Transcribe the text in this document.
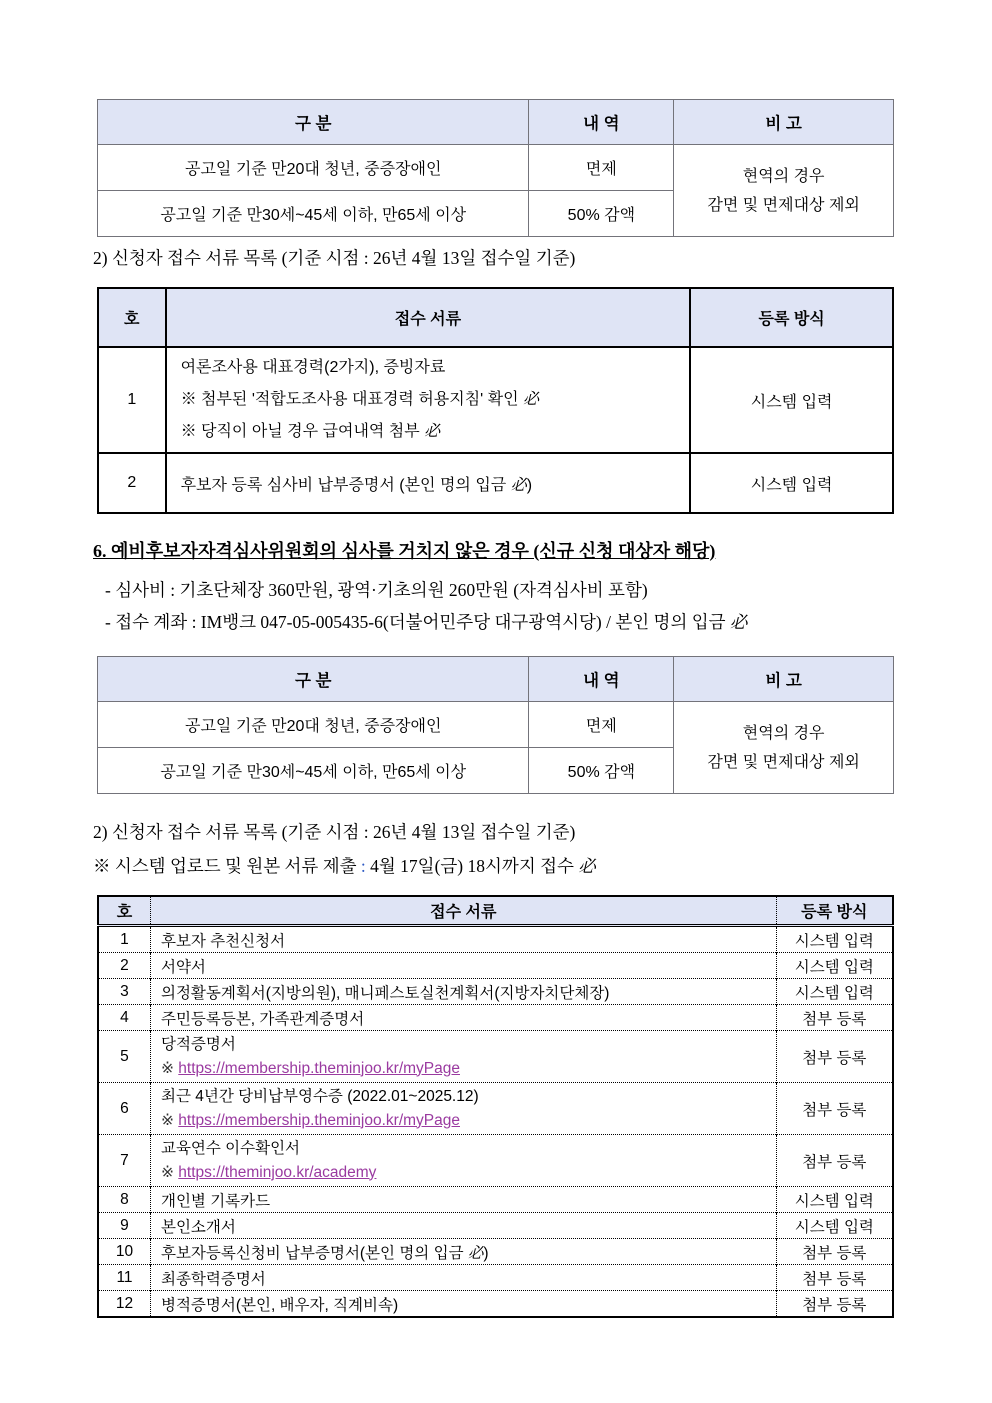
구 분	내 역	비 고
공고일 기준 만20대 청년, 중증장애인	면제	현역의 경우
감면 및 면제대상 제외

공고일 기준 만30세~45세 이하, 만65세 이상	50% 감액	
2) 신청자 접수 서류 목록 (기준 시점 : 26년 4월 13일 접수일 기준)
호	접수 서류	등록 방식
1	여론조사용 대표경력(2가지), 증빙자료
※ 첨부된 '적합도조사용 대표경력 허용지침' 확인 必
※ 당직이 아닐 경우 급여내역 첨부 必	시스템 입력
2	후보자 등록 심사비 납부증명서 (본인 명의 입금 必)	시스템 입력
6. 예비후보자자격심사위원회의 심사를 거치지 않은 경우 (신규 신청 대상자 해당)
- 심사비 : 기초단체장 360만원, 광역·기초의원 260만원 (자격심사비 포함)
- 접수 계좌 : IM뱅크 047-05-005435-6(더불어민주당 대구광역시당) / 본인 명의 입금 必
구 분	내 역	비 고
공고일 기준 만20대 청년, 중증장애인	면제	현역의 경우
감면 및 면제대상 제외

공고일 기준 만30세~45세 이하, 만65세 이상	50% 감액	
2) 신청자 접수 서류 목록 (기준 시점 : 26년 4월 13일 접수일 기준)
※ 시스템 업로드 및 원본 서류 제출 : 4월 17일(금) 18시까지 접수 必
호	접수 서류	등록 방식
1	후보자 추천신청서	시스템 입력
2	서약서	시스템 입력
3	의정활동계획서(지방의원), 매니페스토실천계획서(지방자치단체장)	시스템 입력
4	주민등록등본, 가족관계증명서	첨부 등록
5	당적증명서
※ https://membership.theminjoo.kr/myPage	첨부 등록
6	최근 4년간 당비납부영수증 (2022.01~2025.12)
※ https://membership.theminjoo.kr/myPage	첨부 등록
7	교육연수 이수확인서
※ https://theminjoo.kr/academy	첨부 등록
8	개인별 기록카드	시스템 입력
9	본인소개서	시스템 입력
10	후보자등록신청비 납부증명서(본인 명의 입금 必)	첨부 등록
11	최종학력증명서	첨부 등록
12	병적증명서(본인, 배우자, 직계비속)	첨부 등록
